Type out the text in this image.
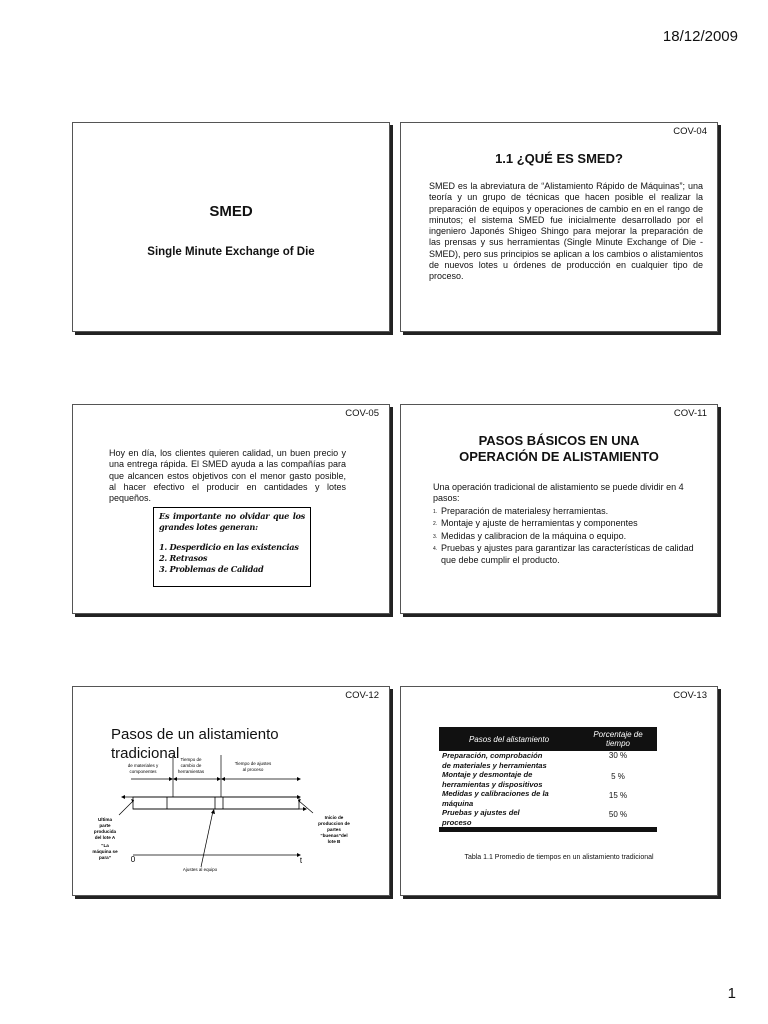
18/12/2009
SMED
Single Minute Exchange of Die
COV-04
1.1 ¿QUÉ ES SMED?
SMED es la abreviatura de “Alistamiento Rápido de Máquinas”; una teoría y un grupo de técnicas que hacen posible el realizar la preparación de equipos y operaciones de cambio en en el rango de minutos; el sistema SMED fue inicialmente desarrollado por el ingeniero Japonés Shigeo Shingo para mejorar la preparación de las prensas y sus herramientas (Single Minute Exchange of Die - SMED), pero sus principios se aplican a los cambios o alistamientos de nuevos lotes u órdenes de producción en cualquier tipo de proceso.
COV-05
Hoy en día, los clientes quieren calidad, un buen precio y una entrega rápida. El SMED ayuda a las compañías para que alcancen estos objetivos con el menor gasto posible, al hacer efectivo el producir en cantidades y lotes pequeños.
Es importante no olvidar que los grandes lotes generan:
1. Desperdicio en las existencias
2. Retrasos
3. Problemas de Calidad
COV-11
PASOS BÁSICOS EN UNA
OPERACIÓN DE ALISTAMIENTO
Una operación tradicional de alistamiento se puede dividir en 4 pasos:
1. Preparación de materialesy herramientas.
2. Montaje y ajuste de herramientas y componentes
3. Medidas y calibracion de la máquina o equipo.
4. Pruebas y ajustes para garantizar las características de calidad que debe cumplir el producto.
COV-12
de materiales y
componentes
Tiempo de
cambio de
herramientas
Tiempo de ajustes
al proceso
0	t
Ajustes al equipo
Ultima
parte
producida
del lote A
“La
máquina se
para”
Inicio de
produccion de
partes
“buenas”del
lote B
Pasos de un alistamiento
tradicional
COV-13
Pasos del alistamiento	Porcentaje de
tiempo

Preparación, comprobación
de materiales y herramientas	30 %

Montaje y desmontaje de
herramientas y dispositivos	5 %

Medidas y calibraciones de la
máquina	15 %

Pruebas y ajustes del
proceso	50 %

Tabla 1.1 Promedio de tiempos en un alistamiento tradicional
1
